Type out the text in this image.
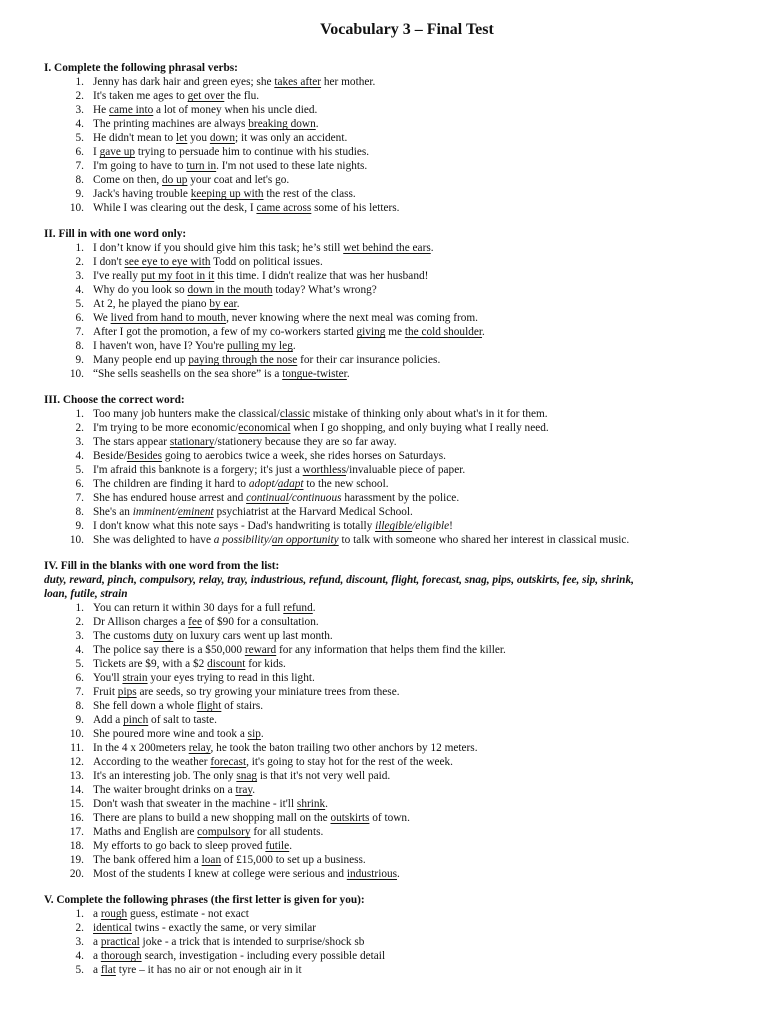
Vocabulary 3 – Final Test
I. Complete the following phrasal verbs:
1. Jenny has dark hair and green eyes; she takes after her mother.
2. It's taken me ages to get over the flu.
3. He came into a lot of money when his uncle died.
4. The printing machines are always breaking down.
5. He didn't mean to let you down; it was only an accident.
6. I gave up trying to persuade him to continue with his studies.
7. I'm going to have to turn in. I'm not used to these late nights.
8. Come on then, do up your coat and let's go.
9. Jack's having trouble keeping up with the rest of the class.
10. While I was clearing out the desk, I came across some of his letters.
II. Fill in with one word only:
1. I don’t know if you should give him this task; he’s still wet behind the ears.
2. I don't see eye to eye with Todd on political issues.
3. I've really put my foot in it this time. I didn't realize that was her husband!
4. Why do you look so down in the mouth today? What’s wrong?
5. At 2, he played the piano by ear.
6. We lived from hand to mouth, never knowing where the next meal was coming from.
7. After I got the promotion, a few of my co-workers started giving me the cold shoulder.
8. I haven't won, have I? You're pulling my leg.
9. Many people end up paying through the nose for their car insurance policies.
10. “She sells seashells on the sea shore” is a tongue-twister.
III. Choose the correct word:
1. Too many job hunters make the classical/classic mistake of thinking only about what's in it for them.
2. I'm trying to be more economic/economical when I go shopping, and only buying what I really need.
3. The stars appear stationary/stationery because they are so far away.
4. Beside/Besides going to aerobics twice a week, she rides horses on Saturdays.
5. I'm afraid this banknote is a forgery; it's just a worthless/invaluable piece of paper.
6. The children are finding it hard to adopt/adapt to the new school.
7. She has endured house arrest and continual/continuous harassment by the police.
8. She's an imminent/eminent psychiatrist at the Harvard Medical School.
9. I don't know what this note says - Dad's handwriting is totally illegible/eligible!
10. She was delighted to have a possibility/an opportunity to talk with someone who shared her interest in classical music.
IV. Fill in the blanks with one word from the list:
duty, reward, pinch, compulsory, relay, tray, industrious, refund, discount, flight, forecast, snag, pips, outskirts, fee, sip, shrink,
loan, futile, strain
1. You can return it within 30 days for a full refund.
2. Dr Allison charges a fee of $90 for a consultation.
3. The customs duty on luxury cars went up last month.
4. The police say there is a $50,000 reward for any information that helps them find the killer.
5. Tickets are $9, with a $2 discount for kids.
6. You'll strain your eyes trying to read in this light.
7. Fruit pips are seeds, so try growing your miniature trees from these.
8. She fell down a whole flight of stairs.
9. Add a pinch of salt to taste.
10. She poured more wine and took a sip.
11. In the 4 x 200meters relay, he took the baton trailing two other anchors by 12 meters.
12. According to the weather forecast, it's going to stay hot for the rest of the week.
13. It's an interesting job. The only snag is that it's not very well paid.
14. The waiter brought drinks on a tray.
15. Don't wash that sweater in the machine - it'll shrink.
16. There are plans to build a new shopping mall on the outskirts of town.
17. Maths and English are compulsory for all students.
18. My efforts to go back to sleep proved futile.
19. The bank offered him a loan of £15,000 to set up a business.
20. Most of the students I knew at college were serious and industrious.
V. Complete the following phrases (the first letter is given for you):
1. a rough guess, estimate - not exact
2. identical twins - exactly the same, or very similar
3. a practical joke - a trick that is intended to surprise/shock sb
4. a thorough search, investigation - including every possible detail
5. a flat tyre – it has no air or not enough air in it
